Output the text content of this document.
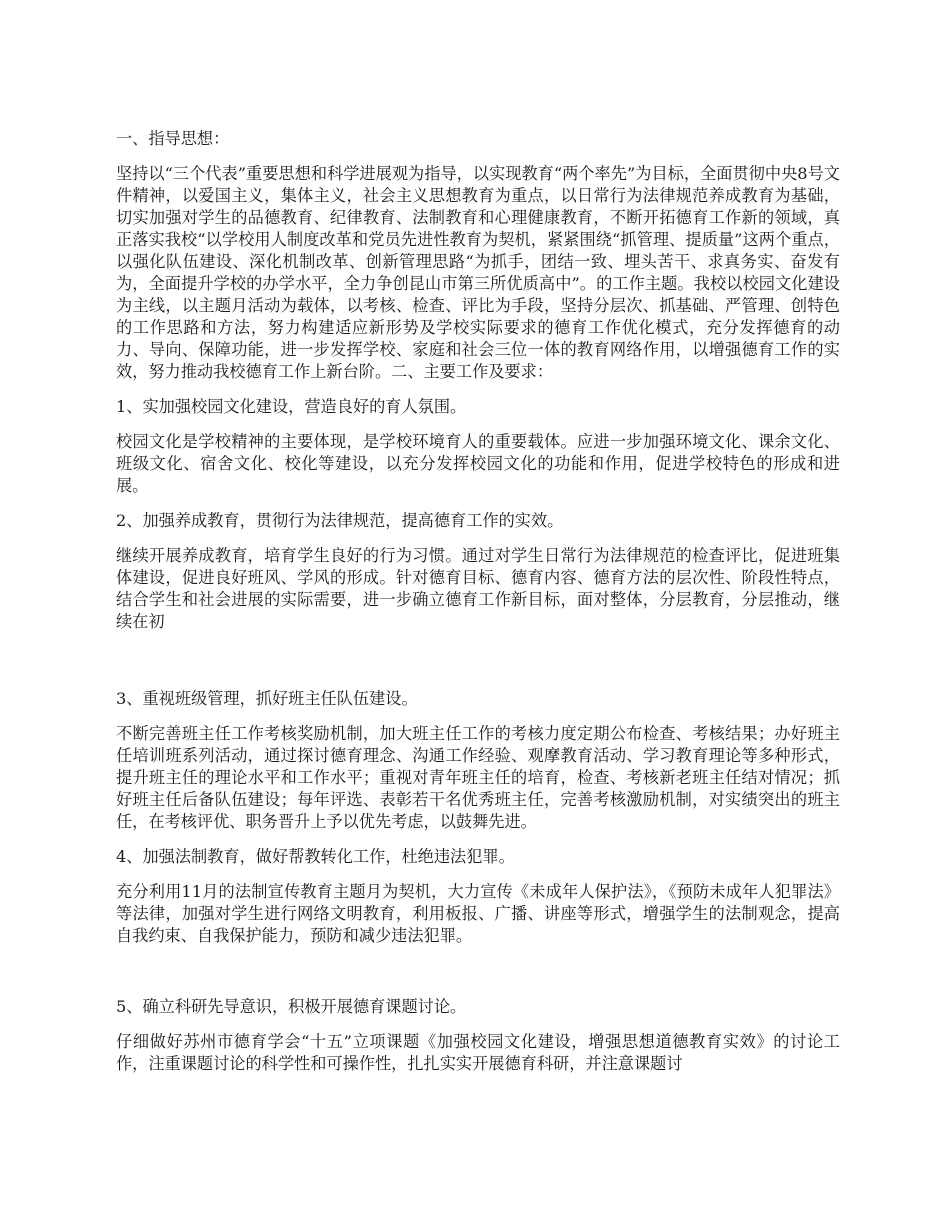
一、指导思想：

坚持以“三个代表”重要思想和科学进展观为指导，以实现教育“两个率先”为目标，全面贯彻中央8号文件精神，以爱国主义，集体主义，社会主义思想教育为重点，以日常行为法律规范养成教育为基础，切实加强对学生的品德教育、纪律教育、法制教育和心理健康教育，不断开拓德育工作新的领域，真正落实我校“以学校用人制度改革和党员先进性教育为契机，紧紧围绕“抓管理、提质量”这两个重点，以强化队伍建设、深化机制改革、创新管理思路“为抓手，团结一致、埋头苦干、求真务实、奋发有为，全面提升学校的办学水平，全力争创昆山市第三所优质高中”。的工作主题。我校以校园文化建设为主线，以主题月活动为载体，以考核、检查、评比为手段，坚持分层次、抓基础、严管理、创特色的工作思路和方法，努力构建适应新形势及学校实际要求的德育工作优化模式，充分发挥德育的动力、导向、保障功能，进一步发挥学校、家庭和社会三位一体的教育网络作用，以增强德育工作的实效，努力推动我校德育工作上新台阶。二、主要工作及要求：

1、实加强校园文化建设，营造良好的育人氛围。

校园文化是学校精神的主要体现，是学校环境育人的重要载体。应进一步加强环境文化、课余文化、班级文化、宿舍文化、校化等建设，以充分发挥校园文化的功能和作用，促进学校特色的形成和进展。

2、加强养成教育，贯彻行为法律规范，提高德育工作的实效。

继续开展养成教育，培育学生良好的行为习惯。通过对学生日常行为法律规范的检查评比，促进班集体建设，促进良好班风、学风的形成。针对德育目标、德育内容、德育方法的层次性、阶段性特点，结合学生和社会进展的实际需要，进一步确立德育工作新目标，面对整体，分层教育，分层推动，继续在初

3、重视班级管理，抓好班主任队伍建设。

不断完善班主任工作考核奖励机制，加大班主任工作的考核力度定期公布检查、考核结果；办好班主任培训班系列活动，通过探讨德育理念、沟通工作经验、观摩教育活动、学习教育理论等多种形式，提升班主任的理论水平和工作水平；重视对青年班主任的培育，检查、考核新老班主任结对情况；抓好班主任后备队伍建设；每年评选、表彰若干名优秀班主任，完善考核激励机制，对实绩突出的班主任，在考核评优、职务晋升上予以优先考虑，以鼓舞先进。

4、加强法制教育，做好帮教转化工作，杜绝违法犯罪。

充分利用11月的法制宣传教育主题月为契机，大力宣传《未成年人保护法》，《预防未成年人犯罪法》等法律，加强对学生进行网络文明教育，利用板报、广播、讲座等形式，增强学生的法制观念，提高自我约束、自我保护能力，预防和减少违法犯罪。

5、确立科研先导意识，积极开展德育课题讨论。

仔细做好苏州市德育学会“十五”立项课题《加强校园文化建设，增强思想道德教育实效》的讨论工作，注重课题讨论的科学性和可操作性，扎扎实实开展德育科研，并注意课题讨
